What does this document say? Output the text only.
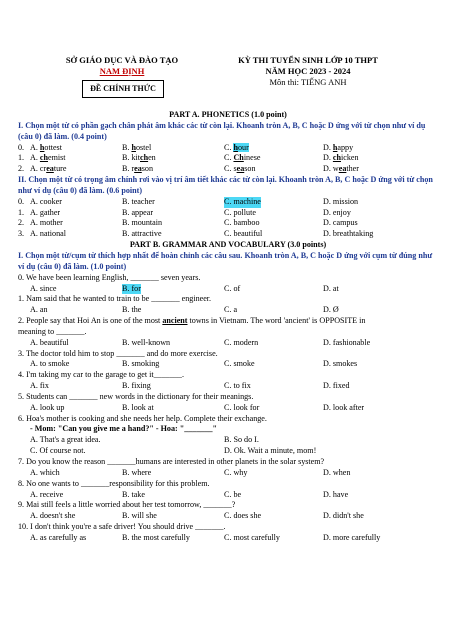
SỞ GIÁO DỤC VÀ ĐÀO TẠO
NAM ĐỊNH
KỲ THI TUYỂN SINH LỚP 10 THPT
NĂM HỌC 2023 - 2024
Môn thi: TIẾNG ANH
ĐỀ CHÍNH THỨC
PART A. PHONETICS (1.0 point)
I. Chọn một từ có phần gạch chân phát âm khác các từ còn lại. Khoanh tròn A, B, C hoặc D ứng với từ chọn như ví dụ (câu 0) đã làm. (0.4 point)
0. A. hottest	B. hostel	C. hour	D. happy
1. A. chemist	B. kitchen	C. Chinese	D. chicken
2. A. creature	B. reason	C. season	D. weather
II. Chọn một từ có trọng âm chính rơi vào vị trí âm tiết khác các từ còn lại. Khoanh tròn A, B, C hoặc D ứng với từ chọn như ví dụ (câu 0) đã làm. (0.6 point)
0. A. cooker	B. teacher	C. machine	D. mission
1. A. gather	B. appear	C. pollute	D. enjoy
2. A. mother	B. mountain	C. bamboo	D. campus
3. A. national	B. attractive	C. beautiful	D. breathtaking
PART B. GRAMMAR AND VOCABULARY (3.0 points)
I. Chọn một từ/cụm từ thích hợp nhất để hoàn chỉnh các câu sau. Khoanh tròn A, B, C hoặc D ứng với cụm từ đúng như ví dụ (câu 0) đã làm. (1.0 point)
0. We have been learning English, _______ seven years.
A. since	B. for	C. of	D. at
1. Nam said that he wanted to train to be _______ engineer.
A. an	B. the	C. a	D. Ø
2. People say that Hoi An is one of the most ancient towns in Vietnam. The word 'ancient' is OPPOSITE in
meaning to _______.
A. beautiful	B. well-known	C. modern	D. fashionable
3. The doctor told him to stop _______ and do more exercise.
A. to smoke	B. smoking	C. smoke	D. smokes
4. I'm taking my car to the garage to get it_______.
A. fix	B. fixing	C. to fix	D. fixed
5. Students can _______ new words in the dictionary for their meanings.
A. look up	B. look at	C. look for	D. look after
6. Hoa's mother is cooking and she needs her help. Complete their exchange.
- Mom: "Can you give me a hand?" - Hoa: "_______"
A. That's a great idea.	B. So do I.
C. Of course not.	D. Ok. Wait a minute, mom!
7. Do you know the reason _______humans are interested in other planets in the solar system?
A. which	B. where	C. why	D. when
8. No one wants to _______responsibility for this problem.
A. receive	B. take	C. be	D. have
9. Mai still feels a little worried about her test tomorrow, _______?
A. doesn't she	B. will she	C. does she	D. didn't she
10. I don't think you're a safe driver! You should drive _______.
A. as carefully as	B. the most carefully	C. most carefully	D. more carefully
